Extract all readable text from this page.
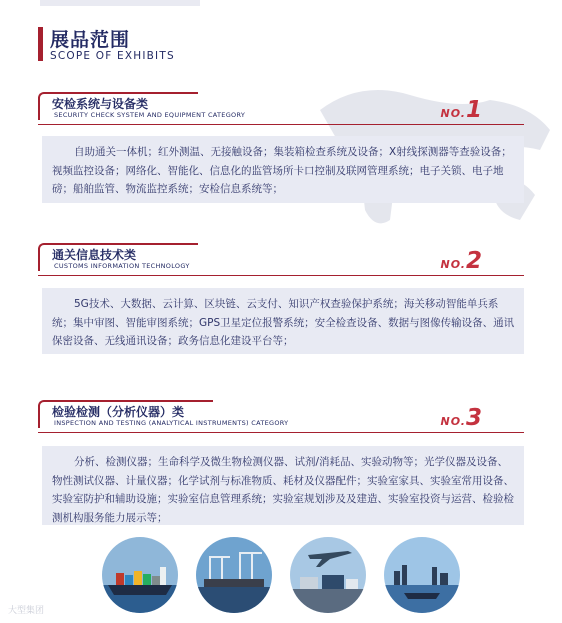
展品范围
SCOPE OF EXHIBITS
安检系统与设备类
SECURITY CHECK SYSTEM AND EQUIPMENT CATEGORY	NO.1
自助通关一体机；红外测温、无接触设备；集装箱检查系统及设备；X射线探测器等查验设备；视频监控设备；网络化、智能化、信息化的监管场所卡口控制及联网管理系统；电子关锁、电子地磅；船舶监管、物流监控系统；安检信息系统等；
通关信息技术类
CUSTOMS INFORMATION TECHNOLOGY	NO.2
5G技术、大数据、云计算、区块链、云支付、知识产权查验保护系统；海关移动智能单兵系统；集中审图、智能审图系统；GPS卫星定位报警系统；安全检查设备、数据与图像传输设备、通讯保密设备、无线通讯设备；政务信息化建设平台等；
检验检测（分析仪器）类
INSPECTION AND TESTING (ANALYTICAL INSTRUMENTS) CATEGORY	NO.3
分析、检测仪器；生命科学及微生物检测仪器、试剂/消耗品、实验动物等；光学仪器及设备、物性测试仪器、计量仪器；化学试剂与标准物质、耗材及仪器配件；实验室家具、实验室常用设备、实验室防护和辅助设施；实验室信息管理系统；实验室规划涉及及建造、实验室投资与运营、检验检测机构服务能力展示等；
大型集团
